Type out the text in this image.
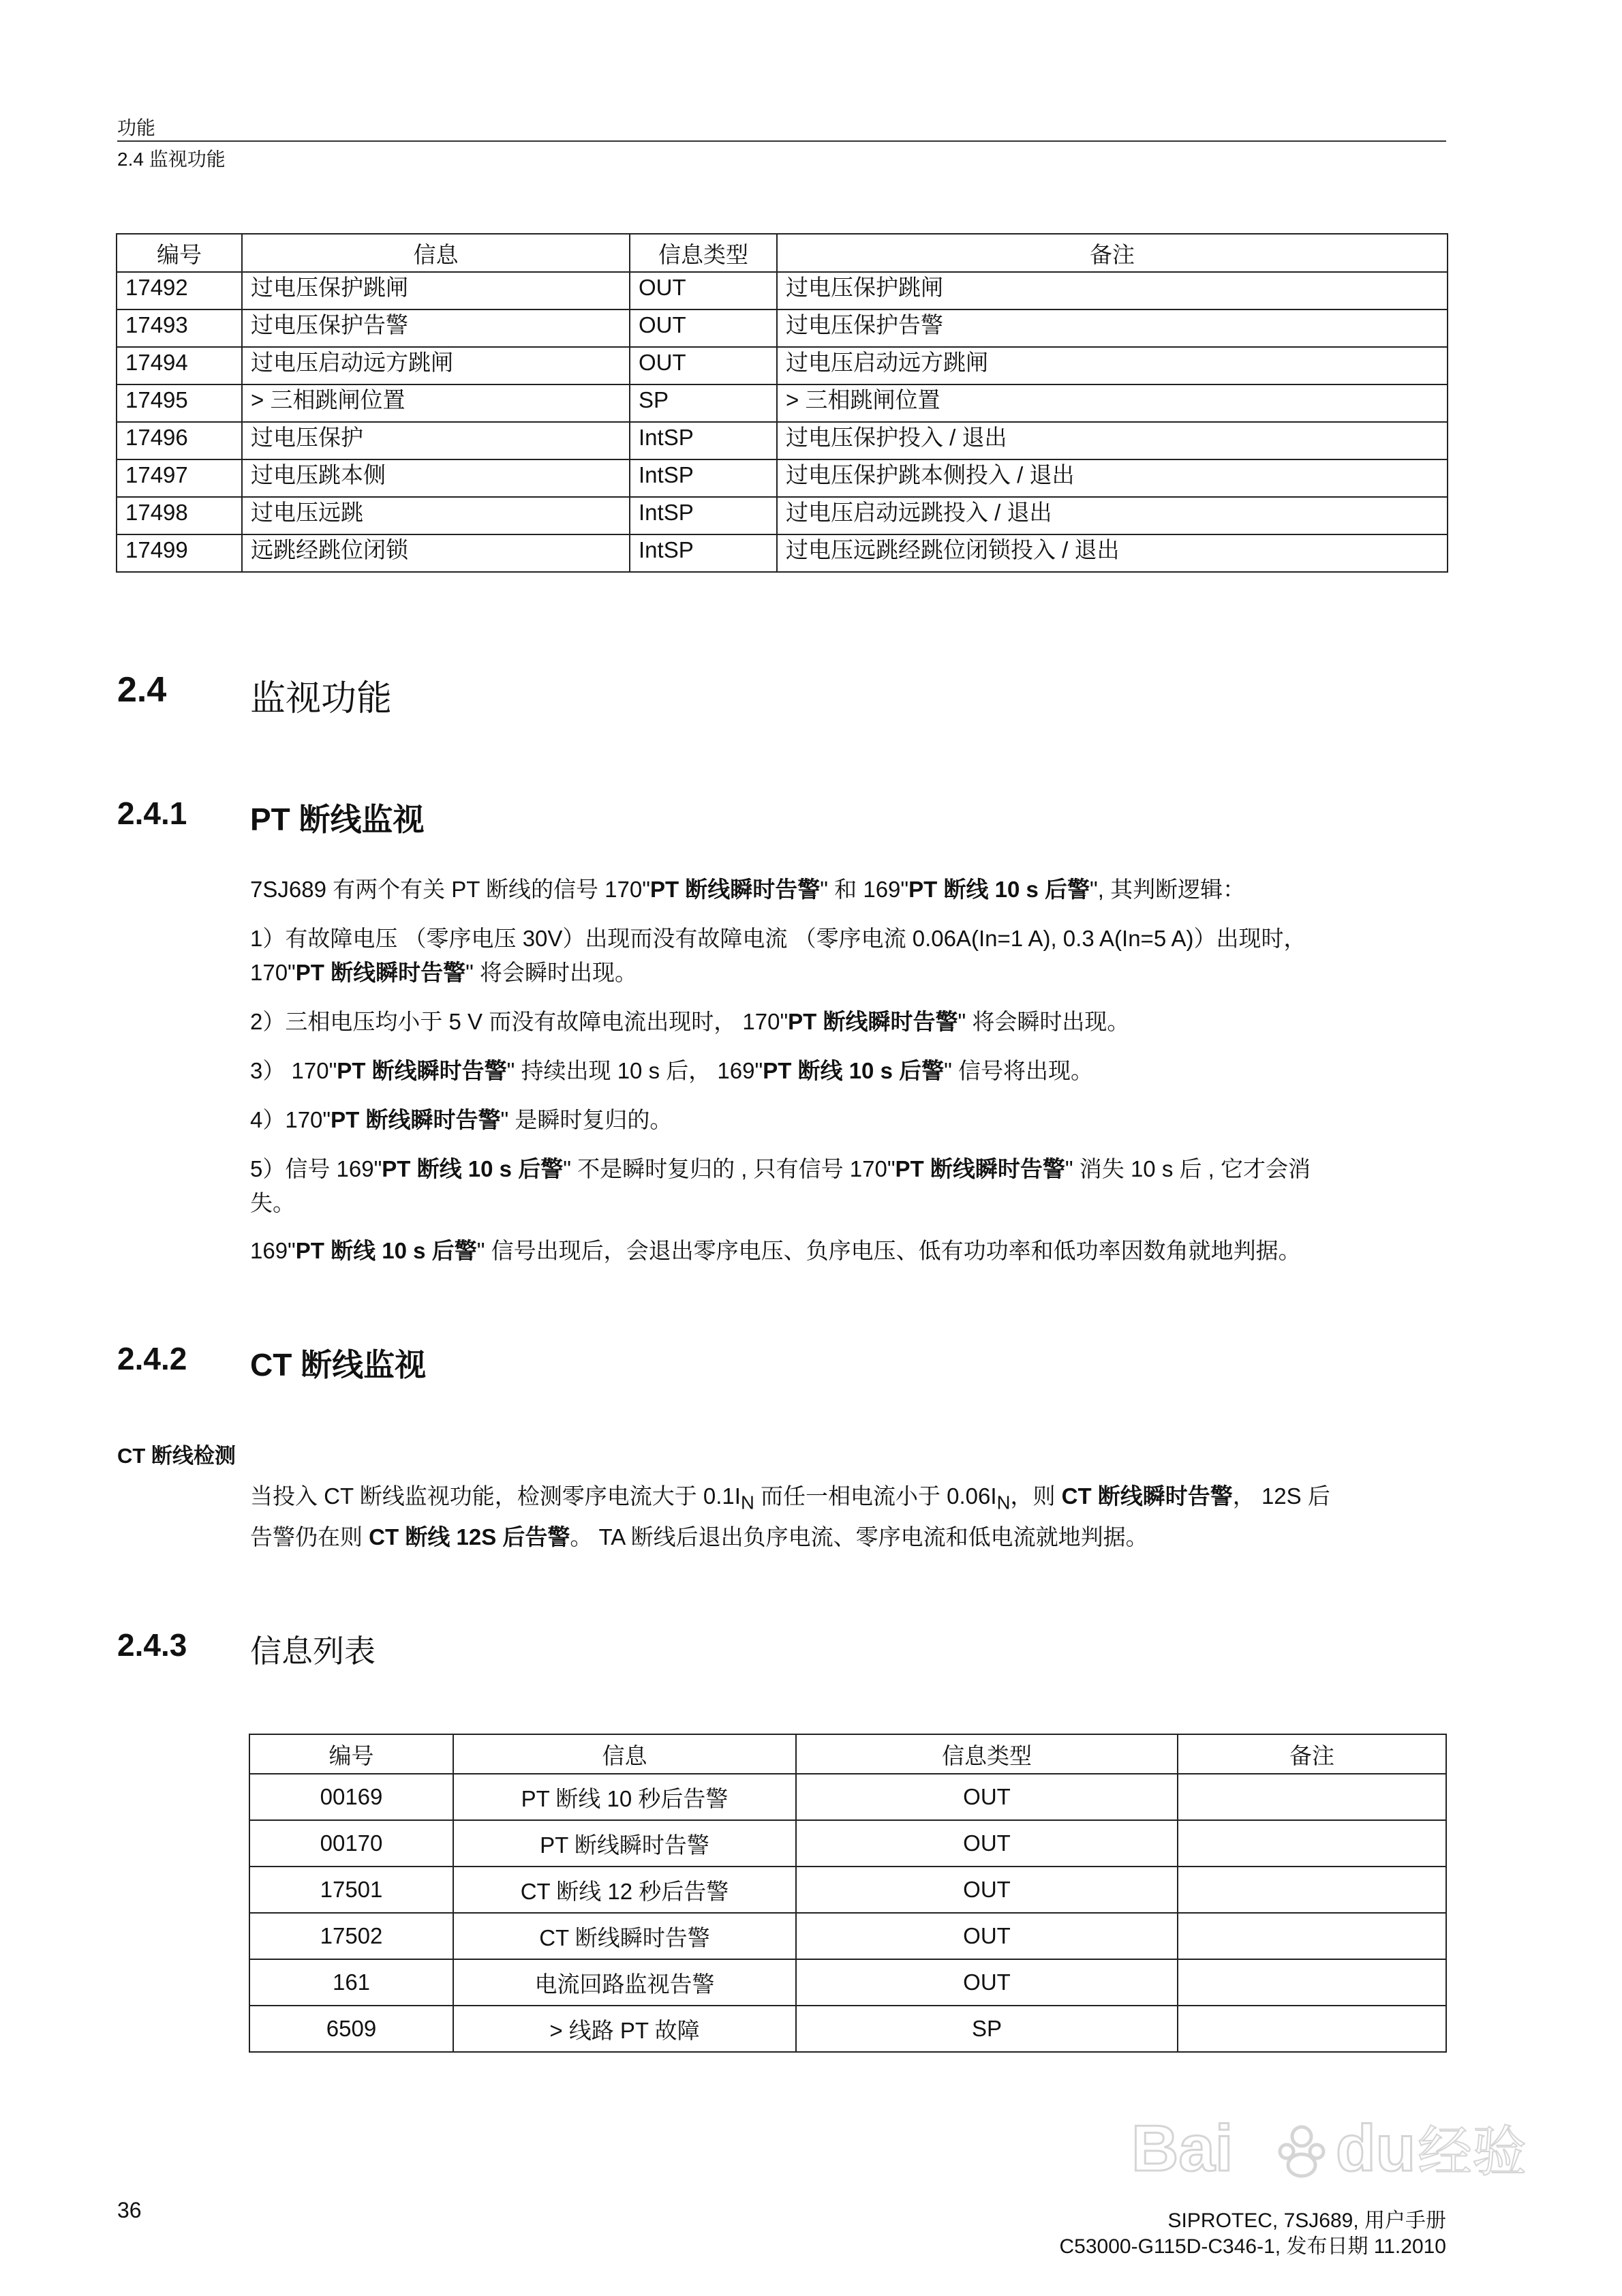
功能
2.4 监视功能
编号	信息	信息类型	备注
17492	过电压保护跳闸	OUT	过电压保护跳闸
17493	过电压保护告警	OUT	过电压保护告警
17494	过电压启动远方跳闸	OUT	过电压启动远方跳闸
17495	> 三相跳闸位置	SP	> 三相跳闸位置
17496	过电压保护	IntSP	过电压保护投入 / 退出
17497	过电压跳本侧	IntSP	过电压保护跳本侧投入 / 退出
17498	过电压远跳	IntSP	过电压启动远跳投入 / 退出
17499	远跳经跳位闭锁	IntSP	过电压远跳经跳位闭锁投入 / 退出
2.4 监视功能
2.4.1 PT 断线监视
7SJ689 有两个有关 PT 断线的信号 170"PT 断线瞬时告警" 和 169"PT 断线 10 s 后警", 其判断逻辑：
1）有故障电压 （零序电压 30V）出现而没有故障电流 （零序电流 0.06A(In=1 A), 0.3 A(In=5 A)）出现时，
170"PT 断线瞬时告警" 将会瞬时出现。
2）三相电压均小于 5 V 而没有故障电流出现时， 170"PT 断线瞬时告警" 将会瞬时出现。
3） 170"PT 断线瞬时告警" 持续出现 10 s 后， 169"PT 断线 10 s 后警" 信号将出现。
4）170"PT 断线瞬时告警" 是瞬时复归的。
5）信号 169"PT 断线 10 s 后警" 不是瞬时复归的 , 只有信号 170"PT 断线瞬时告警" 消失 10 s 后 , 它才会消
失。
169"PT 断线 10 s 后警" 信号出现后，会退出零序电压、负序电压、低有功功率和低功率因数角就地判据。
2.4.2 CT 断线监视
CT 断线检测
当投入 CT 断线监视功能，检测零序电流大于 $0.1I_N$ 而任一相电流小于 $0.06I_N$，则 CT 断线瞬时告警， 12S 后
告警仍在则 CT 断线 12S 后告警。 TA 断线后退出负序电流、零序电流和低电流就地判据。
2.4.3 信息列表
编号	信息	信息类型	备注
00169	PT 断线 10 秒后告警	OUT	
00170	PT 断线瞬时告警	OUT	
17501	CT 断线 12 秒后告警	OUT	
17502	CT 断线瞬时告警	OUT	
161	电流回路监视告警	OUT	
6509	> 线路 PT 故障	SP	
36	SIPROTEC, 7SJ689, 用户手册
C53000-G115D-C346-1, 发布日期 11.2010
Bai du 经验
